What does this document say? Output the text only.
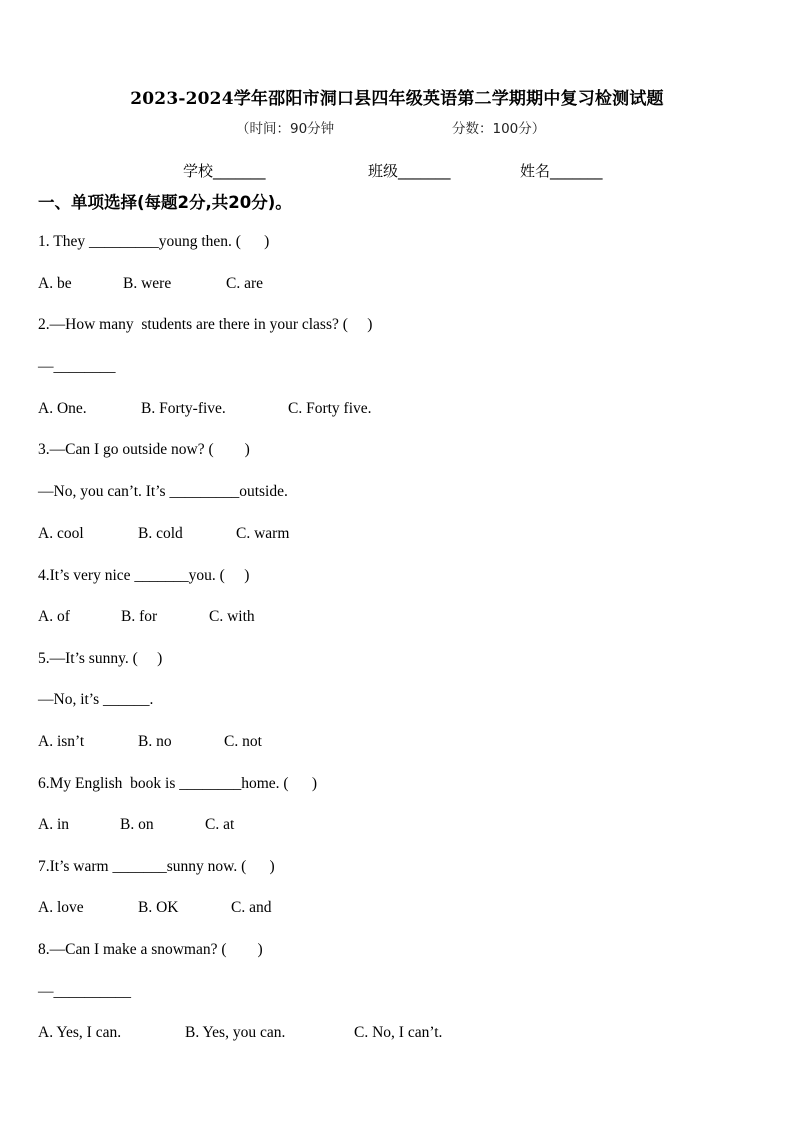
2023-2024学年邵阳市洞口县四年级英语第二学期期中复习检测试题
（时间：90分钟	分数：100分）
学校_______	班级_______	姓名_______
一、单项选择(每题2分,共20分)。
1. They _________young then. (      )
A. be	B. were	C. are
2.—How many  students are there in your class? (     )
—________
A. One.	B. Forty-five.	C. Forty five.
3.—Can I go outside now? (        )
—No, you can’t. It’s _________outside.
A. cool	B. cold	C. warm
4.It’s very nice _______you. (     )
A. of	B. for	C. with
5.—It’s sunny. (     )
—No, it’s ______.
A. isn’t	B. no	C. not
6.My English  book is ________home. (      )
A. in	B. on	C. at
7.It’s warm _______sunny now. (      )
A. love	B. OK	C. and
8.—Can I make a snowman? (        )
—__________
A. Yes, I can.	B. Yes, you can.	C. No, I can’t.
